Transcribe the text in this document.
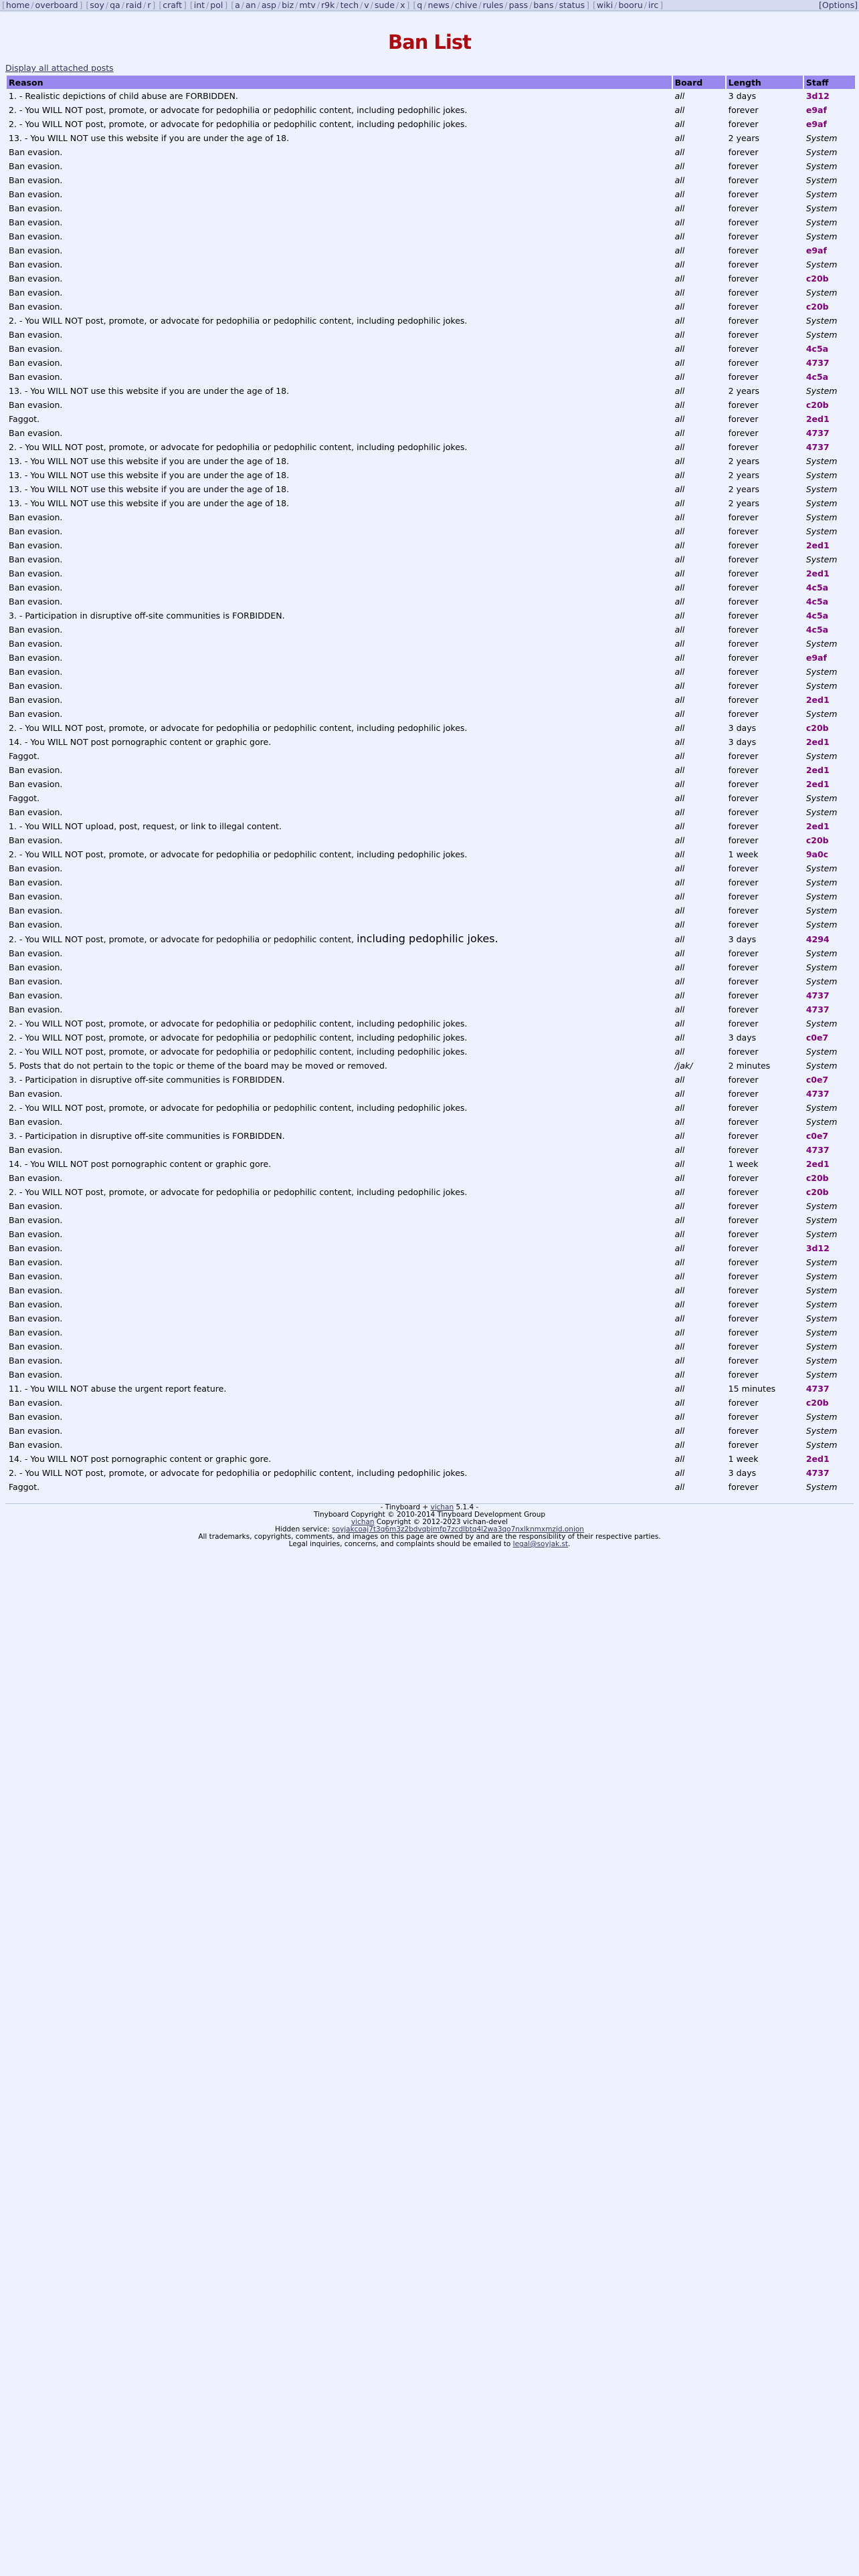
[home / overboard ] [soy / qa / raid / r ] [craft ] [int / pol ] [a / an / asp / biz / mtv / r9k / tech / v / sude / x ] [q / news / chive / rules / pass / bans / status ] [wiki / booru / irc ]	[Options]
Ban List
Display all attached posts
Reason	Board	Length	Staff
1. - Realistic depictions of child abuse are FORBIDDEN.	all	3 days	3d12
2. - You WILL NOT post, promote, or advocate for pedophilia or pedophilic content, including pedophilic jokes.	all	forever	e9af
2. - You WILL NOT post, promote, or advocate for pedophilia or pedophilic content, including pedophilic jokes.	all	forever	e9af
13. - You WILL NOT use this website if you are under the age of 18.	all	2 years	System
Ban evasion.	all	forever	System
Ban evasion.	all	forever	System
Ban evasion.	all	forever	System
Ban evasion.	all	forever	System
Ban evasion.	all	forever	System
Ban evasion.	all	forever	System
Ban evasion.	all	forever	System
Ban evasion.	all	forever	e9af
Ban evasion.	all	forever	System
Ban evasion.	all	forever	c20b
Ban evasion.	all	forever	System
Ban evasion.	all	forever	c20b
2. - You WILL NOT post, promote, or advocate for pedophilia or pedophilic content, including pedophilic jokes.	all	forever	System
Ban evasion.	all	forever	System
Ban evasion.	all	forever	4c5a
Ban evasion.	all	forever	4737
Ban evasion.	all	forever	4c5a
13. - You WILL NOT use this website if you are under the age of 18.	all	2 years	System
Ban evasion.	all	forever	c20b
Faggot.	all	forever	2ed1
Ban evasion.	all	forever	4737
2. - You WILL NOT post, promote, or advocate for pedophilia or pedophilic content, including pedophilic jokes.	all	forever	4737
13. - You WILL NOT use this website if you are under the age of 18.	all	2 years	System
13. - You WILL NOT use this website if you are under the age of 18.	all	2 years	System
13. - You WILL NOT use this website if you are under the age of 18.	all	2 years	System
13. - You WILL NOT use this website if you are under the age of 18.	all	2 years	System
Ban evasion.	all	forever	System
Ban evasion.	all	forever	System
Ban evasion.	all	forever	2ed1
Ban evasion.	all	forever	System
Ban evasion.	all	forever	2ed1
Ban evasion.	all	forever	4c5a
Ban evasion.	all	forever	4c5a
3. - Participation in disruptive off-site communities is FORBIDDEN.	all	forever	4c5a
Ban evasion.	all	forever	4c5a
Ban evasion.	all	forever	System
Ban evasion.	all	forever	e9af
Ban evasion.	all	forever	System
Ban evasion.	all	forever	System
Ban evasion.	all	forever	2ed1
Ban evasion.	all	forever	System
2. - You WILL NOT post, promote, or advocate for pedophilia or pedophilic content, including pedophilic jokes.	all	3 days	c20b
14. - You WILL NOT post pornographic content or graphic gore.	all	3 days	2ed1
Faggot.	all	forever	System
Ban evasion.	all	forever	2ed1
Ban evasion.	all	forever	2ed1
Faggot.	all	forever	System
Ban evasion.	all	forever	System
1. - You WILL NOT upload, post, request, or link to illegal content.	all	forever	2ed1
Ban evasion.	all	forever	c20b
2. - You WILL NOT post, promote, or advocate for pedophilia or pedophilic content, including pedophilic jokes.	all	1 week	9a0c
Ban evasion.	all	forever	System
Ban evasion.	all	forever	System
Ban evasion.	all	forever	System
Ban evasion.	all	forever	System
Ban evasion.	all	forever	System
2. - You WILL NOT post, promote, or advocate for pedophilia or pedophilic content, including pedophilic jokes.	all	3 days	4294
Ban evasion.	all	forever	System
Ban evasion.	all	forever	System
Ban evasion.	all	forever	System
Ban evasion.	all	forever	4737
Ban evasion.	all	forever	4737
2. - You WILL NOT post, promote, or advocate for pedophilia or pedophilic content, including pedophilic jokes.	all	forever	System
2. - You WILL NOT post, promote, or advocate for pedophilia or pedophilic content, including pedophilic jokes.	all	3 days	c0e7
2. - You WILL NOT post, promote, or advocate for pedophilia or pedophilic content, including pedophilic jokes.	all	forever	System
5. Posts that do not pertain to the topic or theme of the board may be moved or removed.	/jak/	2 minutes	System
3. - Participation in disruptive off-site communities is FORBIDDEN.	all	forever	c0e7
Ban evasion.	all	forever	4737
2. - You WILL NOT post, promote, or advocate for pedophilia or pedophilic content, including pedophilic jokes.	all	forever	System
Ban evasion.	all	forever	System
3. - Participation in disruptive off-site communities is FORBIDDEN.	all	forever	c0e7
Ban evasion.	all	forever	4737
14. - You WILL NOT post pornographic content or graphic gore.	all	1 week	2ed1
Ban evasion.	all	forever	c20b
2. - You WILL NOT post, promote, or advocate for pedophilia or pedophilic content, including pedophilic jokes.	all	forever	c20b
Ban evasion.	all	forever	System
Ban evasion.	all	forever	System
Ban evasion.	all	forever	System
Ban evasion.	all	forever	3d12
Ban evasion.	all	forever	System
Ban evasion.	all	forever	System
Ban evasion.	all	forever	System
Ban evasion.	all	forever	System
Ban evasion.	all	forever	System
Ban evasion.	all	forever	System
Ban evasion.	all	forever	System
Ban evasion.	all	forever	System
Ban evasion.	all	forever	System
11. - You WILL NOT abuse the urgent report feature.	all	15 minutes	4737
Ban evasion.	all	forever	c20b
Ban evasion.	all	forever	System
Ban evasion.	all	forever	System
Ban evasion.	all	forever	System
14. - You WILL NOT post pornographic content or graphic gore.	all	1 week	2ed1
2. - You WILL NOT post, promote, or advocate for pedophilia or pedophilic content, including pedophilic jokes.	all	3 days	4737
Faggot.	all	forever	System

- Tinyboard + vichan 5.1.4 -

Tinyboard Copyright © 2010-2014 Tinyboard Development Group

vichan Copyright © 2012-2023 vichan-devel

Hidden service: soyjakcoaj7t3q6m3z2bdvqbjmfp7zcdlbtq4l2wa3qo7nxlknmxmzid.onion

All trademarks, copyrights, comments, and images on this page are owned by and are the responsibility of their respective parties.

Legal inquiries, concerns, and complaints should be emailed to legal@soyjak.st.
